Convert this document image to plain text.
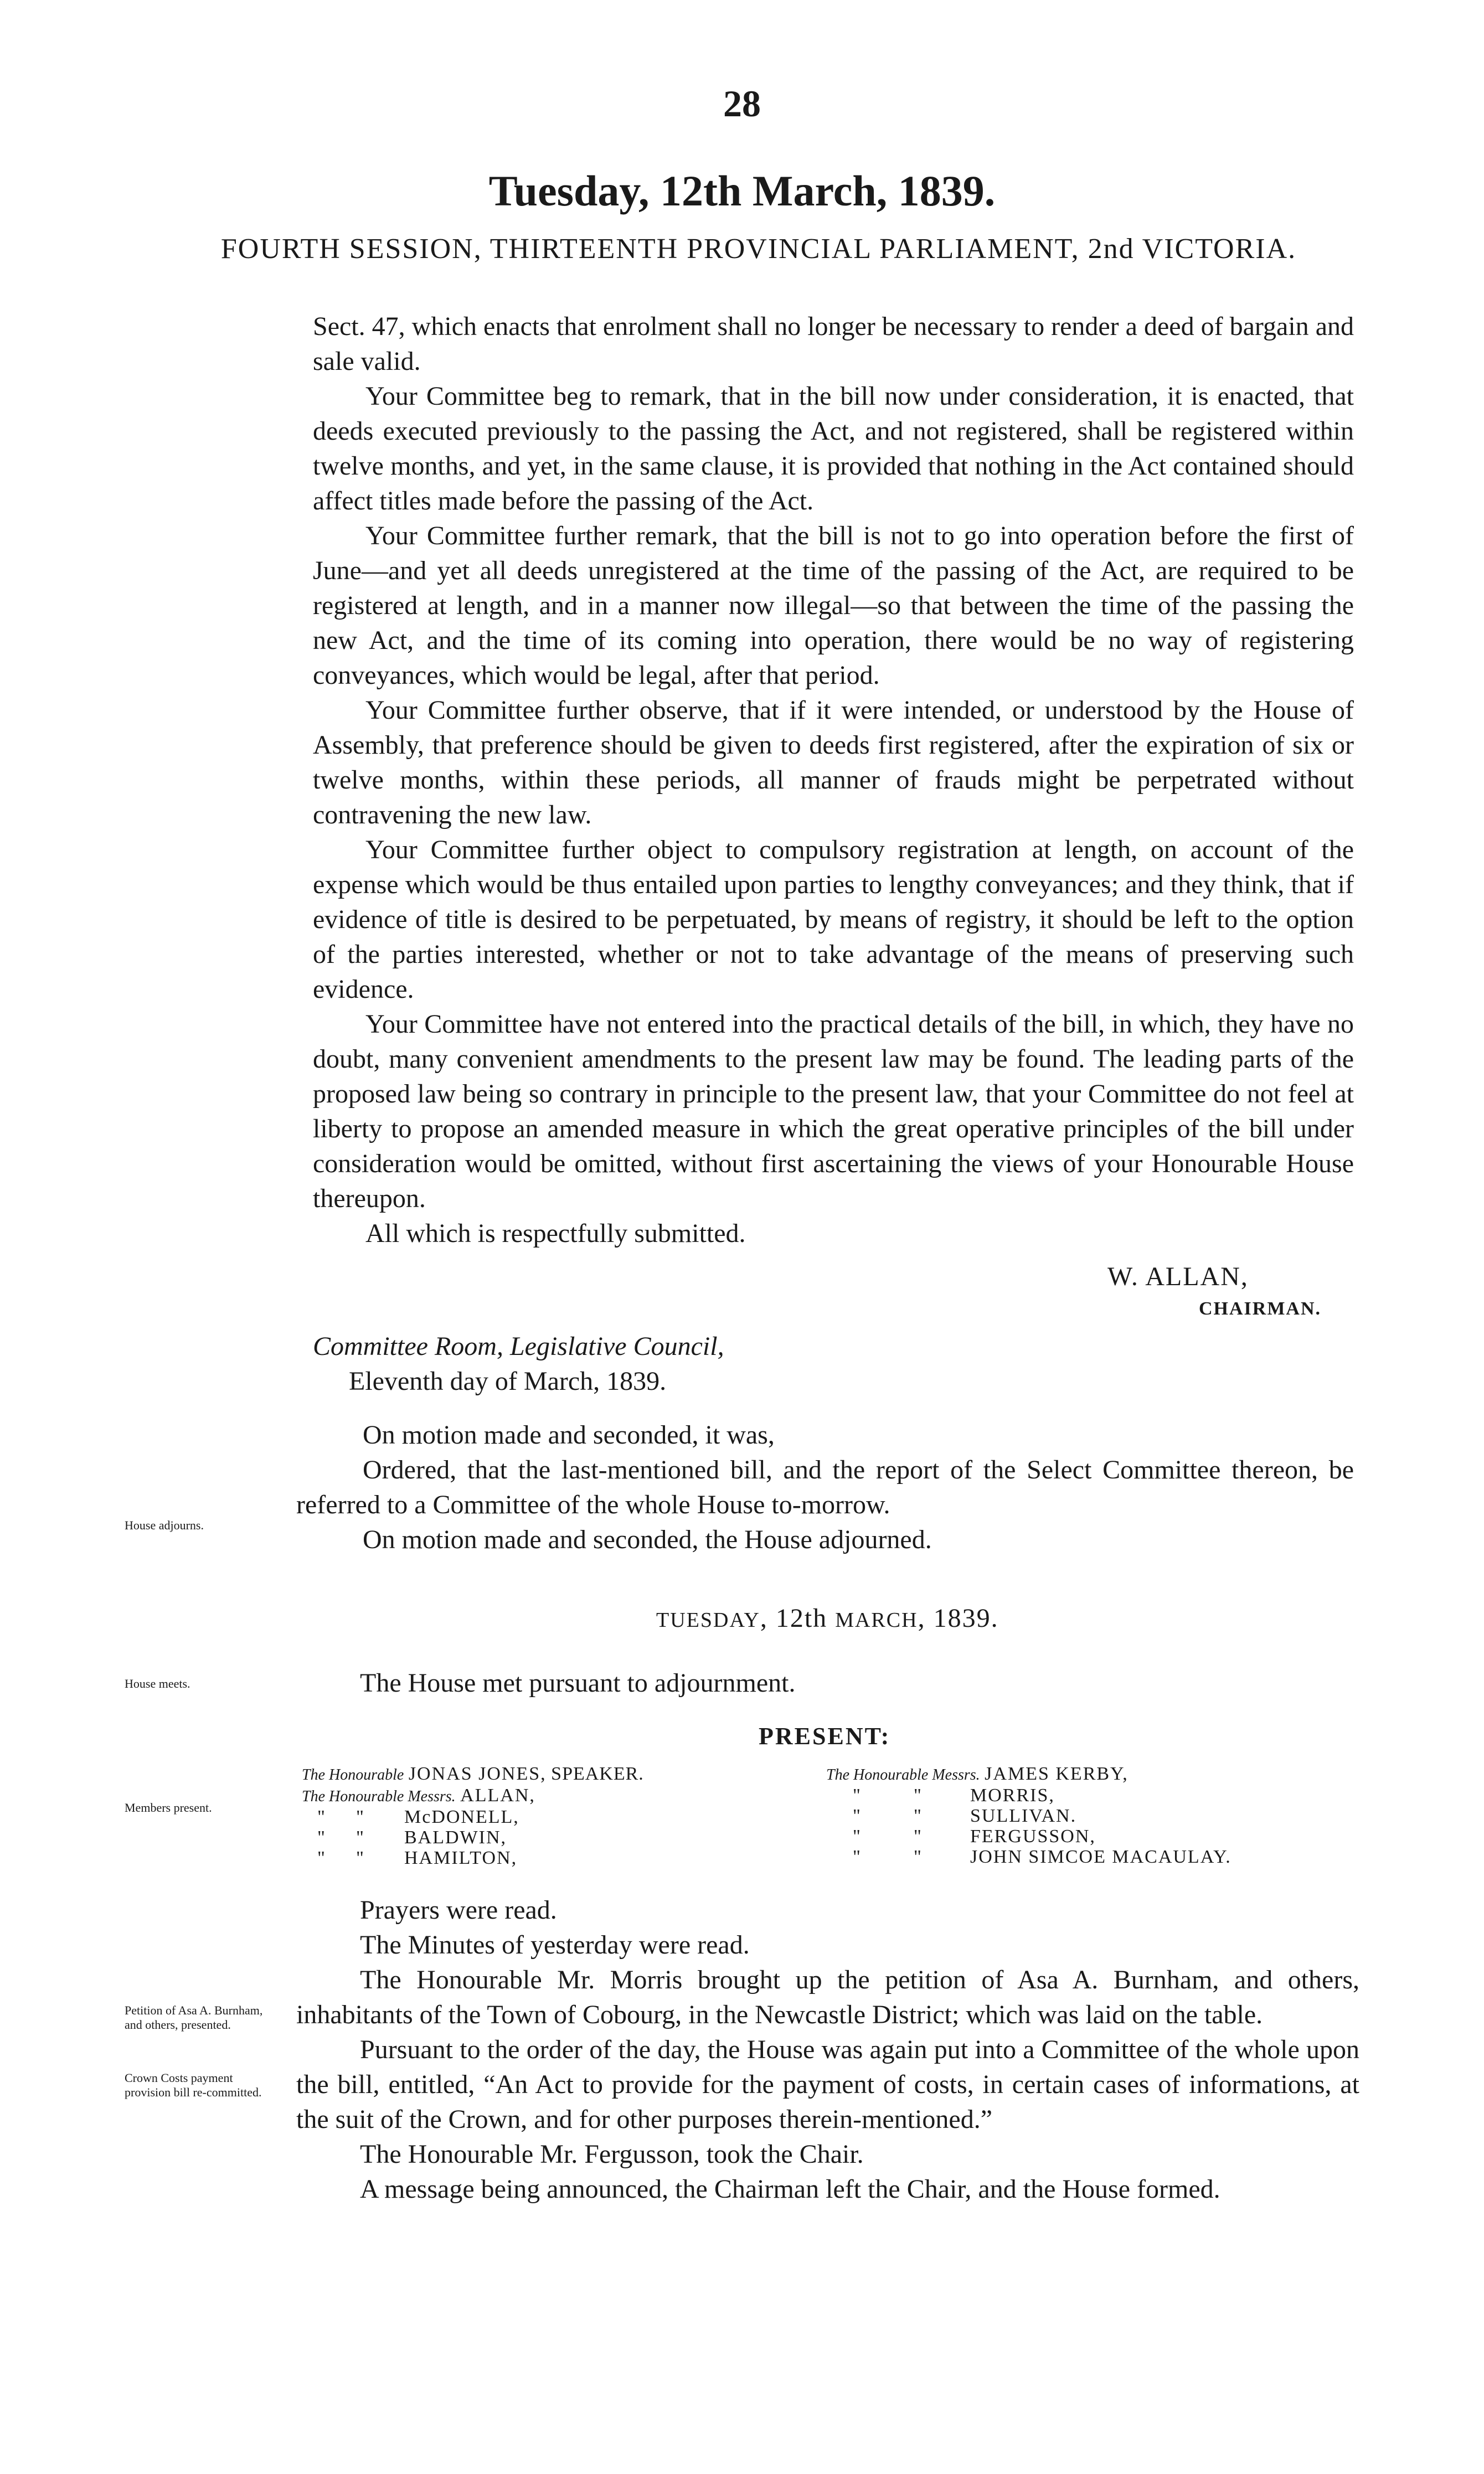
28
Tuesday, 12th March, 1839.
FOURTH SESSION, THIRTEENTH PROVINCIAL PARLIAMENT, 2nd VICTORIA.

Sect. 47, which enacts that enrolment shall no longer be necessary to render a deed of bargain and sale valid.

Your Committee beg to remark, that in the bill now under consideration, it is enacted, that deeds executed previously to the passing the Act, and not registered, shall be registered within twelve months, and yet, in the same clause, it is provided that nothing in the Act contained should affect titles made before the passing of the Act.

Your Committee further remark, that the bill is not to go into operation before the first of June—and yet all deeds unregistered at the time of the passing of the Act, are required to be registered at length, and in a manner now illegal—so that between the time of the passing the new Act, and the time of its coming into operation, there would be no way of registering conveyances, which would be legal, after that period.

Your Committee further observe, that if it were intended, or understood by the House of Assembly, that preference should be given to deeds first registered, after the expiration of six or twelve months, within these periods, all manner of frauds might be perpetrated without contravening the new law.

Your Committee further object to compulsory registration at length, on account of the expense which would be thus entailed upon parties to lengthy conveyances; and they think, that if evidence of title is desired to be perpetuated, by means of registry, it should be left to the option of the parties interested, whether or not to take advantage of the means of preserving such evidence.

Your Committee have not entered into the practical details of the bill, in which, they have no doubt, many convenient amendments to the present law may be found. The leading parts of the proposed law being so contrary in principle to the present law, that your Committee do not feel at liberty to propose an amended measure in which the great operative principles of the bill under consideration would be omitted, without first ascertaining the views of your Honourable House thereupon.

All which is respectfully submitted.

W. ALLAN,
CHAIRMAN.
Committee Room, Legislative Council,
Eleventh day of March, 1839.

On motion made and seconded, it was,

Ordered, that the last-mentioned bill, and the report of the Select Committee thereon, be referred to a Committee of the whole House to-morrow.

On motion made and seconded, the House adjourned.

House adjourns.
House meets.
Members present.
Petition of Asa A. Burnham, and others, presented.
Crown Costs payment provision bill re-committed.
TUESDAY, 12th MARCH, 1839.
The House met pursuant to adjournment.
PRESENT:
The Honourable JONAS JONES, SPEAKER.
The Honourable Messrs. ALLAN,
"	"	McDONELL,
"	"	BALDWIN,
"	"	HAMILTON,
The Honourable Messrs. JAMES KERBY,
"	"	MORRIS,
"	"	SULLIVAN.
"	"	FERGUSSON,
"	"	JOHN SIMCOE MACAULAY.

Prayers were read.

The Minutes of yesterday were read.

The Honourable Mr. Morris brought up the petition of Asa A. Burnham, and others, inhabitants of the Town of Cobourg, in the Newcastle District; which was laid on the table.

Pursuant to the order of the day, the House was again put into a Committee of the whole upon the bill, entitled, “An Act to provide for the payment of costs, in certain cases of informations, at the suit of the Crown, and for other purposes therein-mentioned.”

The Honourable Mr. Fergusson, took the Chair.

A message being announced, the Chairman left the Chair, and the House formed.
